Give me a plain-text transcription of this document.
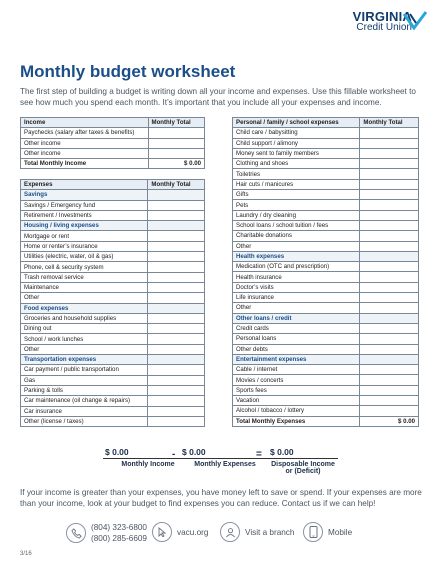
VIRGINIA
Credit Union
Monthly budget worksheet
The first step of building a budget is writing down all your income and expenses. Use this fillable worksheet to see how much you spend each month. It’s important that you include all your expenses and income.
Income	Monthly Total
Paychecks (salary after taxes & benefits)	
Other income	
Other income	
Total Monthly Income	$ 0.00
Expenses	Monthly Total
Savings	
Savings / Emergency fund	
Retirement / Investments	
Housing / living expenses	
Mortgage or rent	
Home or renter’s insurance	
Utilities (electric, water, oil & gas)	
Phone, cell & security system	
Trash removal service	
Maintenance	
Other	
Food expenses	
Groceries and household supplies	
Dining out	
School / work lunches	
Other	
Transportation expenses	
Car payment / public transportation	
Gas	
Parking & tolls	
Car maintenance (oil change & repairs)	
Car insurance	
Other (license / taxes)	
Personal / family / school expenses	Monthly Total
Child care / babysitting	
Child support / alimony	
Money sent to family members	
Clothing and shoes	
Toiletries	
Hair cuts / manicures	
Gifts	
Pets	
Laundry / dry cleaning	
School loans / school tuition / fees	
Charitable donations	
Other	
Health expenses	
Medication (OTC and prescription)	
Health insurance	
Doctor’s visits	
Life insurance	
Other	
Other loans / credit	
Credit cards	
Personal loans	
Other debts	
Entertainment expenses	
Cable / internet	
Movies / concerts	
Sports fees	
Vacation	
Alcohol / tobacco / lottery	
Total Monthly Expenses	$ 0.00
$ 0.00
Monthly Income
- $ 0.00
Monthly Expenses
= $ 0.00
Disposable Income
or (Deficit)
If your income is greater than your expenses, you have money left to save or spend. If your expenses are more than your income, look at your budget to find expenses you can reduce. Contact us if we can help!
(804) 323-6800
(800) 285-6609
vacu.org	Visit a branch	Mobile
3/16
